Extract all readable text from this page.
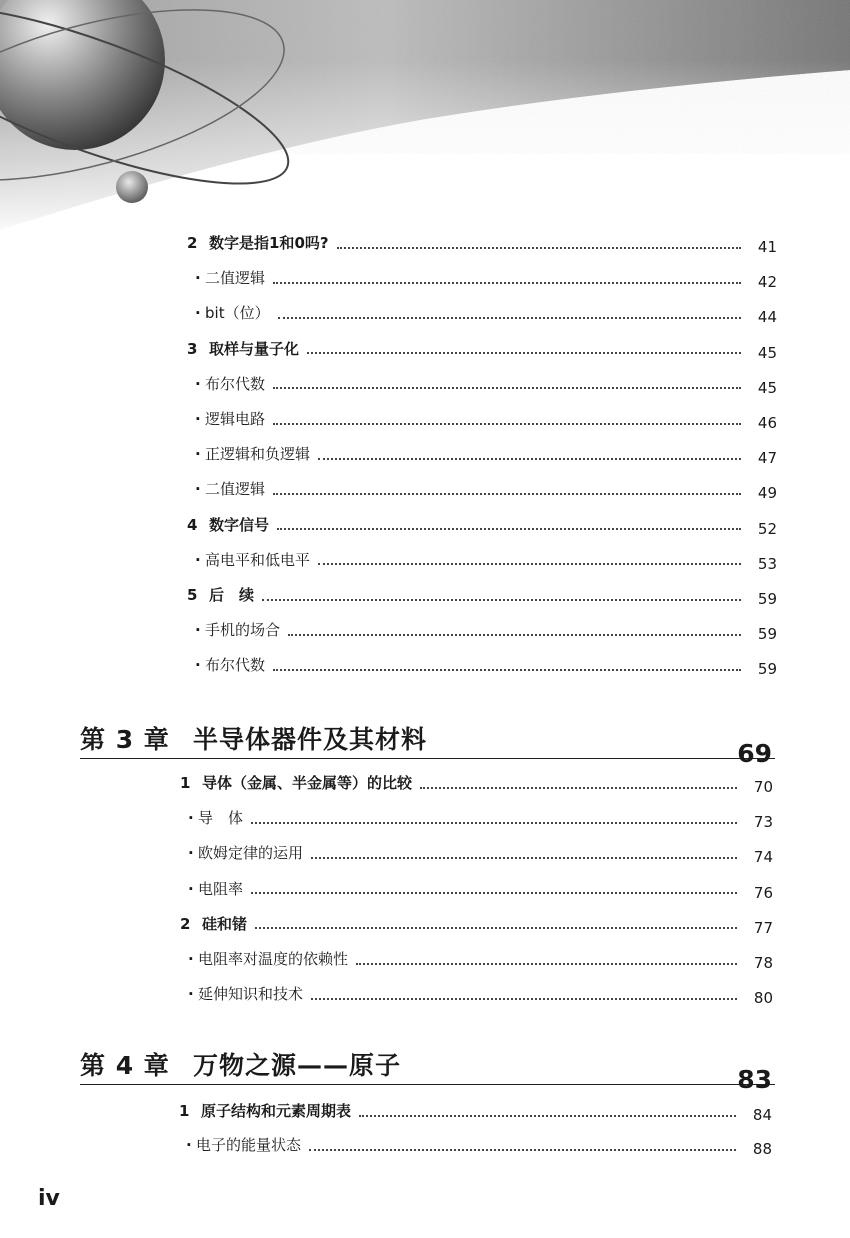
2 数字是指1和0吗?	41
· 二值逻辑	42
· bit（位）	44
3 取样与量子化	45
· 布尔代数	45
· 逻辑电路	46
· 正逻辑和负逻辑	47
· 二值逻辑	49
4 数字信号	52
· 高电平和低电平	53
5 后　续	59
· 手机的场合	59
· 布尔代数	59
第 3 章 半导体器件及其材料	69
1 导体（金属、半金属等）的比较	70
· 导　体	73
· 欧姆定律的运用	74
· 电阻率	76
2 硅和锗	77
· 电阻率对温度的依赖性	78
· 延伸知识和技术	80
第 4 章 万物之源——原子	83
1 原子结构和元素周期表	84
· 电子的能量状态	88
iv
